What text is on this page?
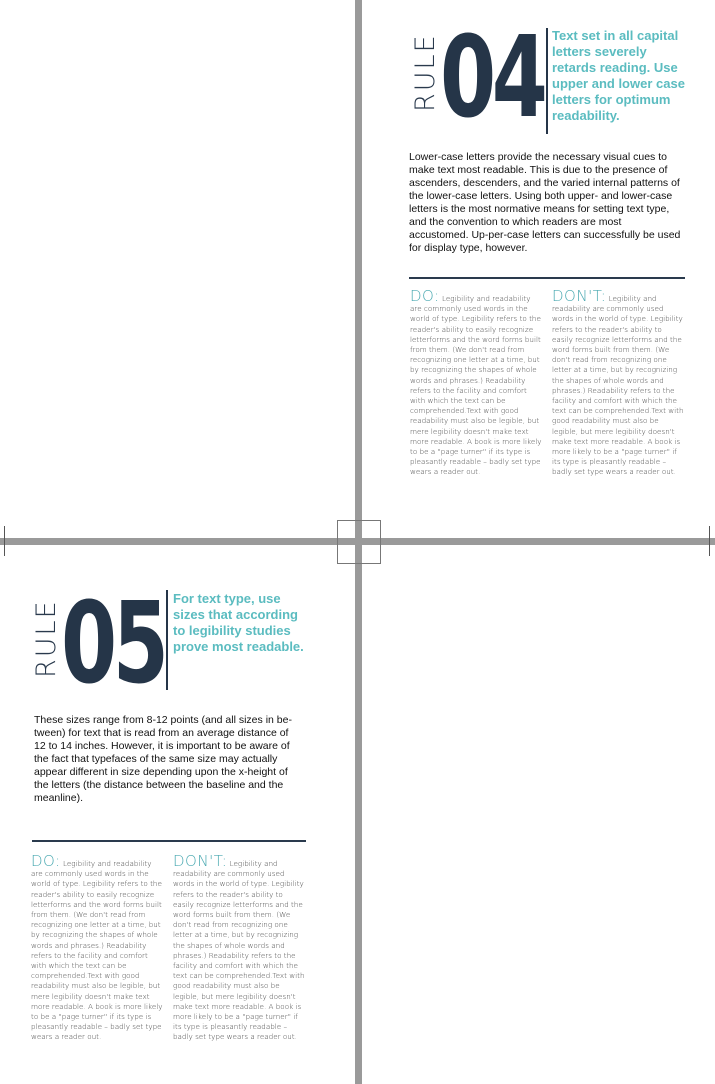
RULE 04 Text set in all capital letters severely retards reading. Use upper and lower case letters for optimum readability.
Lower-case letters provide the necessary visual cues to make text most readable. This is due to the presence of ascenders, descenders, and the varied internal patterns of the lower-case letters. Using both upper- and lower-case letters is the most normative means for setting text type, and the convention to which readers are most accustomed. Up-per-case letters can successfully be used for display type, however.
DO: Legibility and readability are commonly used words in the world of type. Legibility refers to the reader's ability to easily recognize letterforms and the word forms built from them. (We don't read from recognizing one letter at a time, but by recognizing the shapes of whole words and phrases.) Readability refers to the facility and comfort with which the text can be comprehended.Text with good readability must also be legible, but mere legibility doesn't make text more readable. A book is more likely to be a "page turner" if its type is pleasantly readable – badly set type wears a reader out.
DON'T: Legibility and readability are commonly used words in the world of type. Legibility refers to the reader's ability to easily recognize letterforms and the word forms built from them. (We don't read from recognizing one letter at a time, but by recognizing the shapes of whole words and phrases.) Readability refers to the facility and comfort with which the text can be comprehended.Text with good readability must also be legible, but mere legibility doesn't make text more readable. A book is more likely to be a "page turner" if its type is pleasantly readable – badly set type wears a reader out.
RULE 05 For text type, use sizes that according to legibility studies prove most readable.
These sizes range from 8-12 points (and all sizes in be-tween) for text that is read from an average distance of 12 to 14 inches. However, it is important to be aware of the fact that typefaces of the same size may actually appear different in size depending upon the x-height of the letters (the distance between the baseline and the meanline).
DO: Legibility and readability are commonly used words in the world of type. Legibility refers to the reader's ability to easily recognize letterforms and the word forms built from them. (We don't read from recognizing one letter at a time, but by recognizing the shapes of whole words and phrases.) Readability refers to the facility and comfort with which the text can be comprehended.Text with good readability must also be legible, but mere legibility doesn't make text more readable. A book is more likely to be a "page turner" if its type is pleasantly readable – badly set type wears a reader out.
DON'T: Legibility and readability are commonly used words in the world of type. Legibility refers to the reader's ability to easily recognize letterforms and the word forms built from them. (We don't read from recognizing one letter at a time, but by recognizing the shapes of whole words and phrases.) Readability refers to the facility and comfort with which the text can be comprehended.Text with good readability must also be legible, but mere legibility doesn't make text more readable. A book is more likely to be a "page turner" if its type is pleasantly readable – badly set type wears a reader out.
